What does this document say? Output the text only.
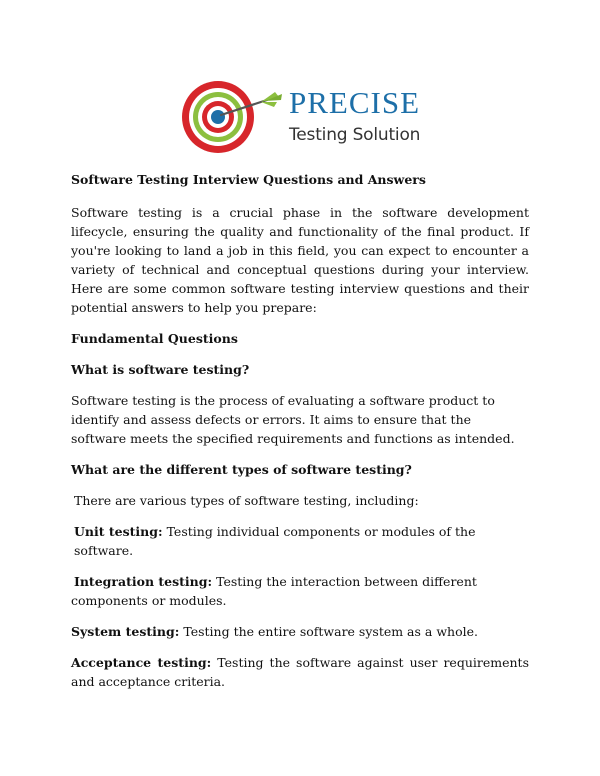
PRECISE
Testing Solution

Software Testing Interview Questions and Answers

Software testing is a crucial phase in the software development lifecycle, ensuring the quality and functionality of the final product. If you're looking to land a job in this field, you can expect to encounter a variety of technical and conceptual questions during your interview. Here are some common software testing interview questions and their potential answers to help you prepare:

Fundamental Questions

What is software testing?

Software testing is the process of evaluating a software product to identify and assess defects or errors. It aims to ensure that the software meets the specified requirements and functions as intended.

What are the different types of software testing?

There are various types of software testing, including:

Unit testing: Testing individual components or modules of the software.

Integration testing: Testing the interaction between different components or modules.

System testing: Testing the entire software system as a whole.

Acceptance testing: Testing the software against user requirements and acceptance criteria.
